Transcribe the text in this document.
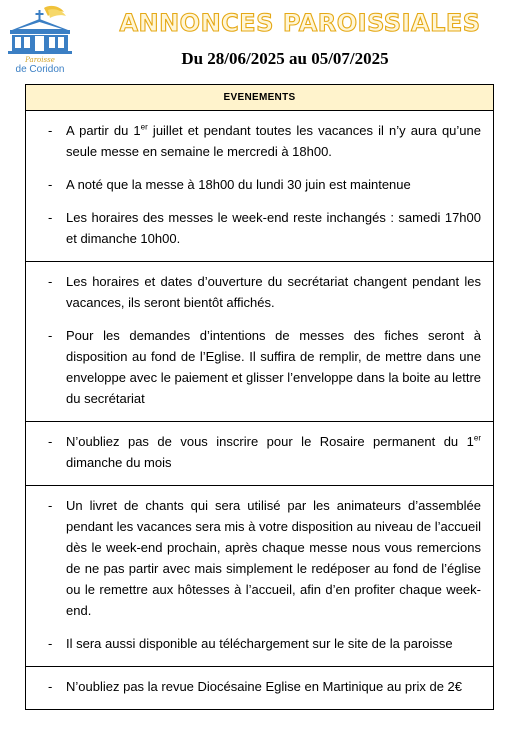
Paroisse
de Coridon
ANNONCES PAROISSIALES
Du 28/06/2025 au 05/07/2025
EVENEMENTS
-	A partir du 1er juillet et pendant toutes les vacances il n’y aura qu’une seule messe en semaine le mercredi à 18h00.
-	A noté que la messe à 18h00 du lundi 30 juin est maintenue
-	Les horaires des messes le week-end reste inchangés : samedi 17h00 et dimanche 10h00.
-	Les horaires et dates d’ouverture du secrétariat changent pendant les vacances, ils seront bientôt affichés.
-	Pour les demandes d’intentions de messes des fiches seront à disposition au fond de l’Eglise. Il suffira de remplir, de mettre dans une enveloppe avec le paiement et glisser l’enveloppe dans la boite au lettre du secrétariat
-	N’oubliez pas de vous inscrire pour le Rosaire permanent du 1er dimanche du mois
-	Un livret de chants qui sera utilisé par les animateurs d’assemblée pendant les vacances sera mis à votre disposition au niveau de l’accueil dès le week-end prochain, après chaque messe nous vous remercions de ne pas partir avec mais simplement le redéposer au fond de l’église ou le remettre aux hôtesses à l’accueil, afin d’en profiter chaque week-end.
-	Il sera aussi disponible au téléchargement sur le site de la paroisse
-	N’oubliez pas la revue Diocésaine Eglise en Martinique au prix de 2€
